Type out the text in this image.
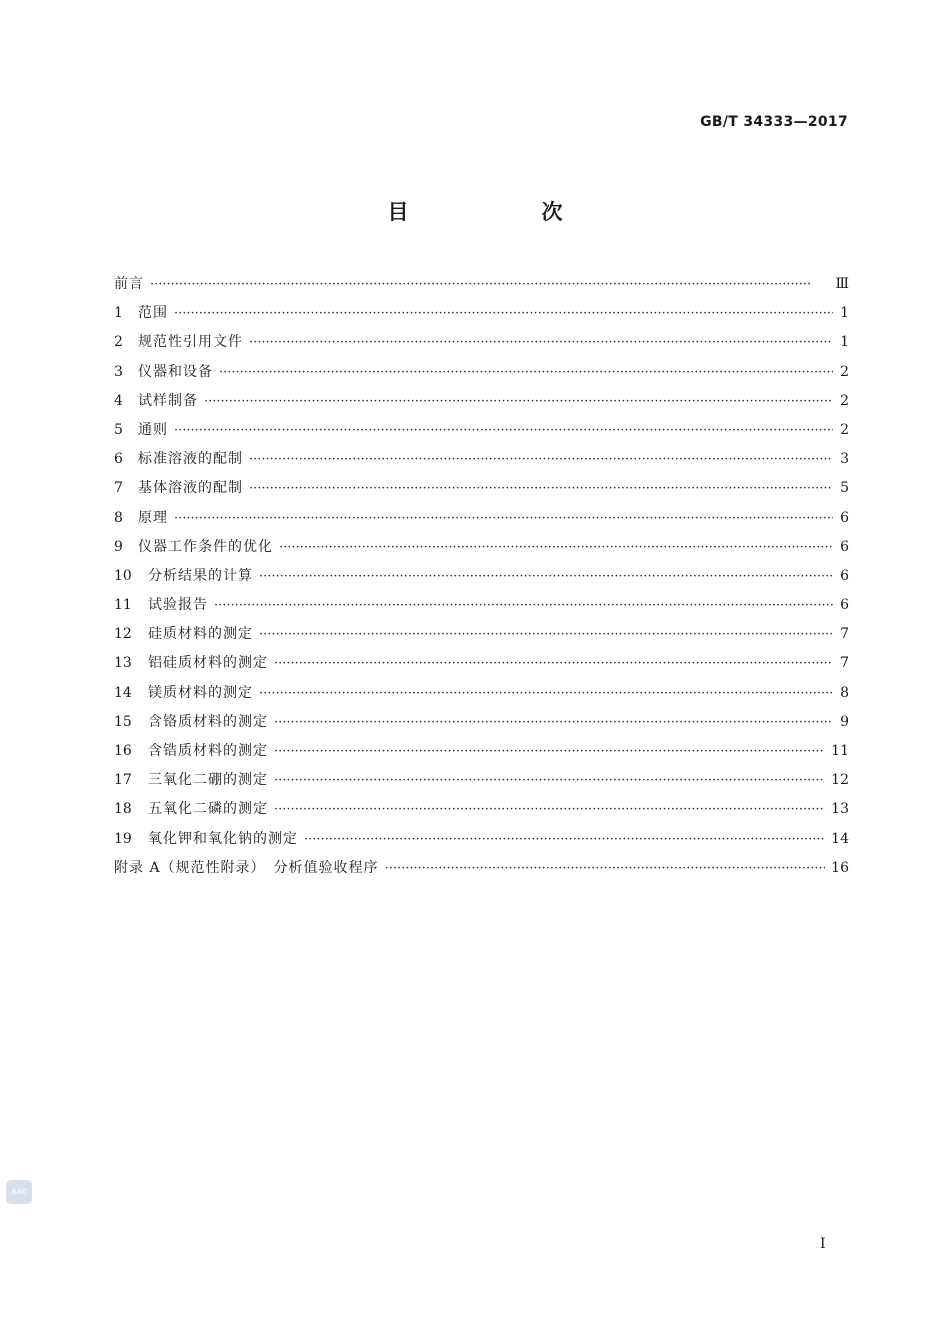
GB/T 34333—2017
目　次
前言 ·····	Ⅲ
1	范围 ·····	1
2	规范性引用文件 ·····	1
3	仪器和设备 ·····	2
4	试样制备 ·····	2
5	通则 ·····	2
6	标准溶液的配制 ·····	3
7	基体溶液的配制 ·····	5
8	原理 ·····	6
9	仪器工作条件的优化 ·····	6
10	分析结果的计算 ·····	6
11	试验报告 ·····	6
12	硅质材料的测定 ·····	7
13	铝硅质材料的测定 ·····	7
14	镁质材料的测定 ·····	8
15	含铬质材料的测定 ·····	9
16	含锆质材料的测定 ·····	11
17	三氧化二硼的测定 ·····	12
18	五氧化二磷的测定 ·····	13
19	氧化钾和氧化钠的测定 ·····	14
附录 A（规范性附录）　分析值验收程序 ·····	16
SAC
Ⅰ
